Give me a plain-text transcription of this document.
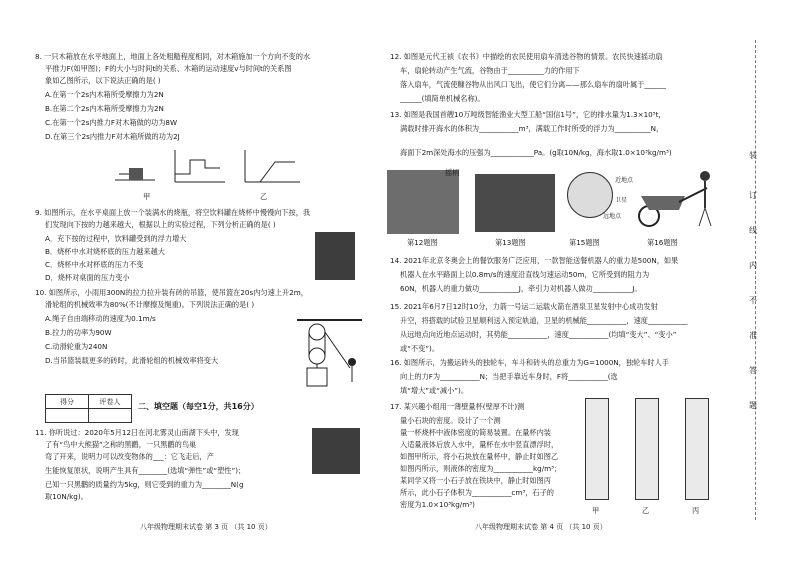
8. 一只木箱放在水平地面上，地面上各处粗糙程度相同，对木箱施加一个方向不变的水
平推力F(如甲图)；F的大小与时间t的关系、木箱的运动速度v与时间t的关系图
象如乙图所示，以下说法正确的是( )
A.在第一个2s内木箱所受摩擦力为2N
B.在第二个2s内木箱所受摩擦力为2N
C.在第一个2s内推力F对木箱做的功为8W
D.在第三个2s内推力F对木箱所做的功为2J
甲	乙
9. 如图所示，在水平桌面上放一个装满水的烧瓶，将空饮料罐在烧杯中慢慢向下按，我
们发现向下按的力越来越大，根据以上的实验过程，下列分析正确的是( )
A．充下按的过程中，饮料罐受到的浮力增大
B．烧杯中水对烧杯底的压力越来越大
C．烧杯中水对杯底的压力不变
D．烧杯对桌面的压力变小
10. 如图所示，小雨用300N的拉力拉升装有砖的吊篮，使吊篮在20s内匀速上升2m，
滑轮组的机械效率为80%(不计摩擦及绳重)。下列说法正确的是( )
A.绳子自由端移动的速度为0.1m/s
B.拉力的功率为90W
C.动滑轮重为240N
D.当吊篮装载更多的砖时，此滑轮组的机械效率将变大
得分	评卷人

二、填空题（每空1分，共16分）
11. 你听说过：2020年5月12日在河北雾灵山南湖下头中，发现
了有“鸟中大熊猫”之称的黑鹳，一只黑鹳的鸟巢
弯了开来，说明力可以改变物体的___：它飞走后，产
生能恢复原状，说明产生具有________(选填“弹性”或“塑性”)；
已知一只黑鹳的质量约为5kg，则它受到的重力为________N(g
取10N/kg)。
八年级物理期末试卷 第 3 页 （共 10 页）
12. 如图是元代王祯《农书》中描绘的农民使用扇车清选谷物的情景。农民快速摇动扇
车，扇轮转动产生气流，谷物由于__________力的作用下
落入扇车，气流使糠谷物从出风口飞出，使它们分离——那么扇车的扇叶属于______
______(填简单机械名称)。
13. 如图是我国首艘10万吨级智能渔业大型工船“国信1号”，它的排水量为1.3×10⁵t，
满载时排开海水的体积为___________m³，满载工作时所受的浮力为__________N，
海面下2m深处海水的压强为____________Pa。(g取10N/kg，海水取1.0×10³kg/m³)
摇柄
近地点
卫星
远地点
第12题图	第13题图	第15题图	第16题图
14. 2021年北京冬奥会上的餐饮服务广泛应用，一款智能送餐机器人的重力是500N，如果
机器人在水平路面上以0.8m/s的速度沿直线匀速运动50m，它所受到的阻力为
60N，机器人的重力做功___________J，牵引力对机器人做功___________J。
15. 2021年6月7日12时10分，力箭一号运二运载火箭在酒泉卫星发射中心成功发射
升空，将搭载的试验卫星顺利送入预定轨道，卫星的机械能___________，速度___________
从远地点向近地点运动时，其势能___________，速度___________(均填“变大”、“变小”
或“不变”)。
16. 如图所示，为搬运砖头的独轮车，车斗和砖头的总重力为G=1000N，独轮车时人手
向上的力F为___________N；当把手靠近车身时，F将___________(选
填“增大”或“减小”)。
17. 某兴趣小组用一薄壁量杯(壁厚不计)测
量小石块的密度。设计了一个测
量一杯烧杯中液体密度的简易装置。在量杯内装
入适量液体后放入水中，量杯在水中竖直漂浮时，
如图甲所示，将小石块放在量杯中，静止时如图乙
如图丙所示，则液体的密度为___________kg/m³；
某同学又将一小石子放在铁块中，静止时如图丙
所示，此小石子体积为___________cm³，石子的
密度为1.0×10³kg/m³)
甲	乙	丙
八年级物理期末试卷 第 4 页 （共 10 页）
装
订
线
内
不
准
答
题
